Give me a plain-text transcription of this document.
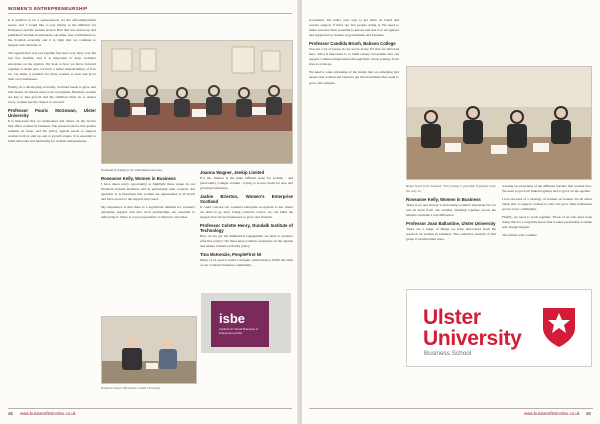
WOMEN'S ENTREPRENEURSHIP

It is positive to be a spokesperson for the self-employment sector, and I would like to pay tribute to the Minister for Enterprise and the Gender Action Plan that was drawn up and published. Women in enterprise can make real contributions to the Scottish economy and it is right that we continue to support and celebrate it.

The agenda that was put together has been very busy over the last few months, and it is important to keep women's enterprise on the agenda. We look at how we move forward together to make sure we have a better understanding of how we can make it possible for more women to start and grow their own businesses.

Finally, in a developing economy, Scotland needs to grow and that means all talents need to be recognised. Business women are key to that growth and the ambition must be to ensure every woman has the chance to succeed.

Professor Pauric McGowan, Ulster University

It is important that we understand and reflect on the factors that affect women in business. The research shows that gender remains an issue, and the policy agenda needs to support women both at start up and at growth stages. It is essential to build networks and mentoring for women entrepreneurs.

Scotland is trying to do with mixed success.

Roseanne Kelly, Women in Business

I have taken every opportunity to highlight these issues in our Northern Ireland members and in partnership with councils and agencies. It is important that women are represented at all levels and have access to the support they need.

My experience is that there is a significant demand for women's enterprise support and that local partnerships are essential to delivering it. There is a real opportunity to improve outcomes.

Joanna Wagner, Jenkip Limited

For me, finance is the main difficult issue for women - and particularly younger women - trying to access credit for new and growing businesses.

Jackie Brierton, Women's Enterprise Scotland

It could concern our women's enterprise ecosystem to see where we need to go next. Using women's voices, we can build the support that allows businesses to grow and flourish.

Professor Colette Henry, Dundalk Institute of Technology

How do we get the Ministerial engagement we need to produce effective policy? We must keep women's enterprise on the agenda and ensure evidence informs policy.

Tina McKenzie, PeopleFirst NI

Many of us need to build a strategic partnership to fulfill the aims of our women's business community.

Professor Pauric McGowan, Ulster University
isbe
Institute for Small Business & Entrepreneurship
48 www.businessfirstonline.co.uk

economies. We really can't stop to get them on board and receive support if there are few people doing it. We need to make sure that their potential is known and that it is recognised and supported by leaders in government and business.

Professor Candida Brush, Babson College

You see a lot of issues in our sector in the US that are mirrored here. What is important is to build strong ecosystems that can support women entrepreneurs through their whole journey, from idea to scale-up.

We need to take advantage of the trends that are emerging and ensure that women-led ventures get the investment they need to grow and compete.

Brian Scott from Ireland: 'Everything is possible if people have the way to.'

Roseanne Kelly, Women in Business

There is no one answer to increasing women's enterprise but we can all learn from one another. Working together across the islands can make a real difference.

Professor Joan Ballantine, Ulster University

There are a range of things we have discovered from the research on women in business. The collective wisdom of this group is an important asset.

creating an awareness of the different barriers that women face. We need to get it all linked together and to get it on the agenda.

I love the idea of a 'strategy' of women on women. It's all about being able to support women to start and grow their businesses across every community.

Finally, we need to work together. Those of us who have been doing this for a long time know that it takes partnership to make real change happen.

The debate will continue.

www.businessfirstonline.co.uk 49
Ulster
University
Business School
